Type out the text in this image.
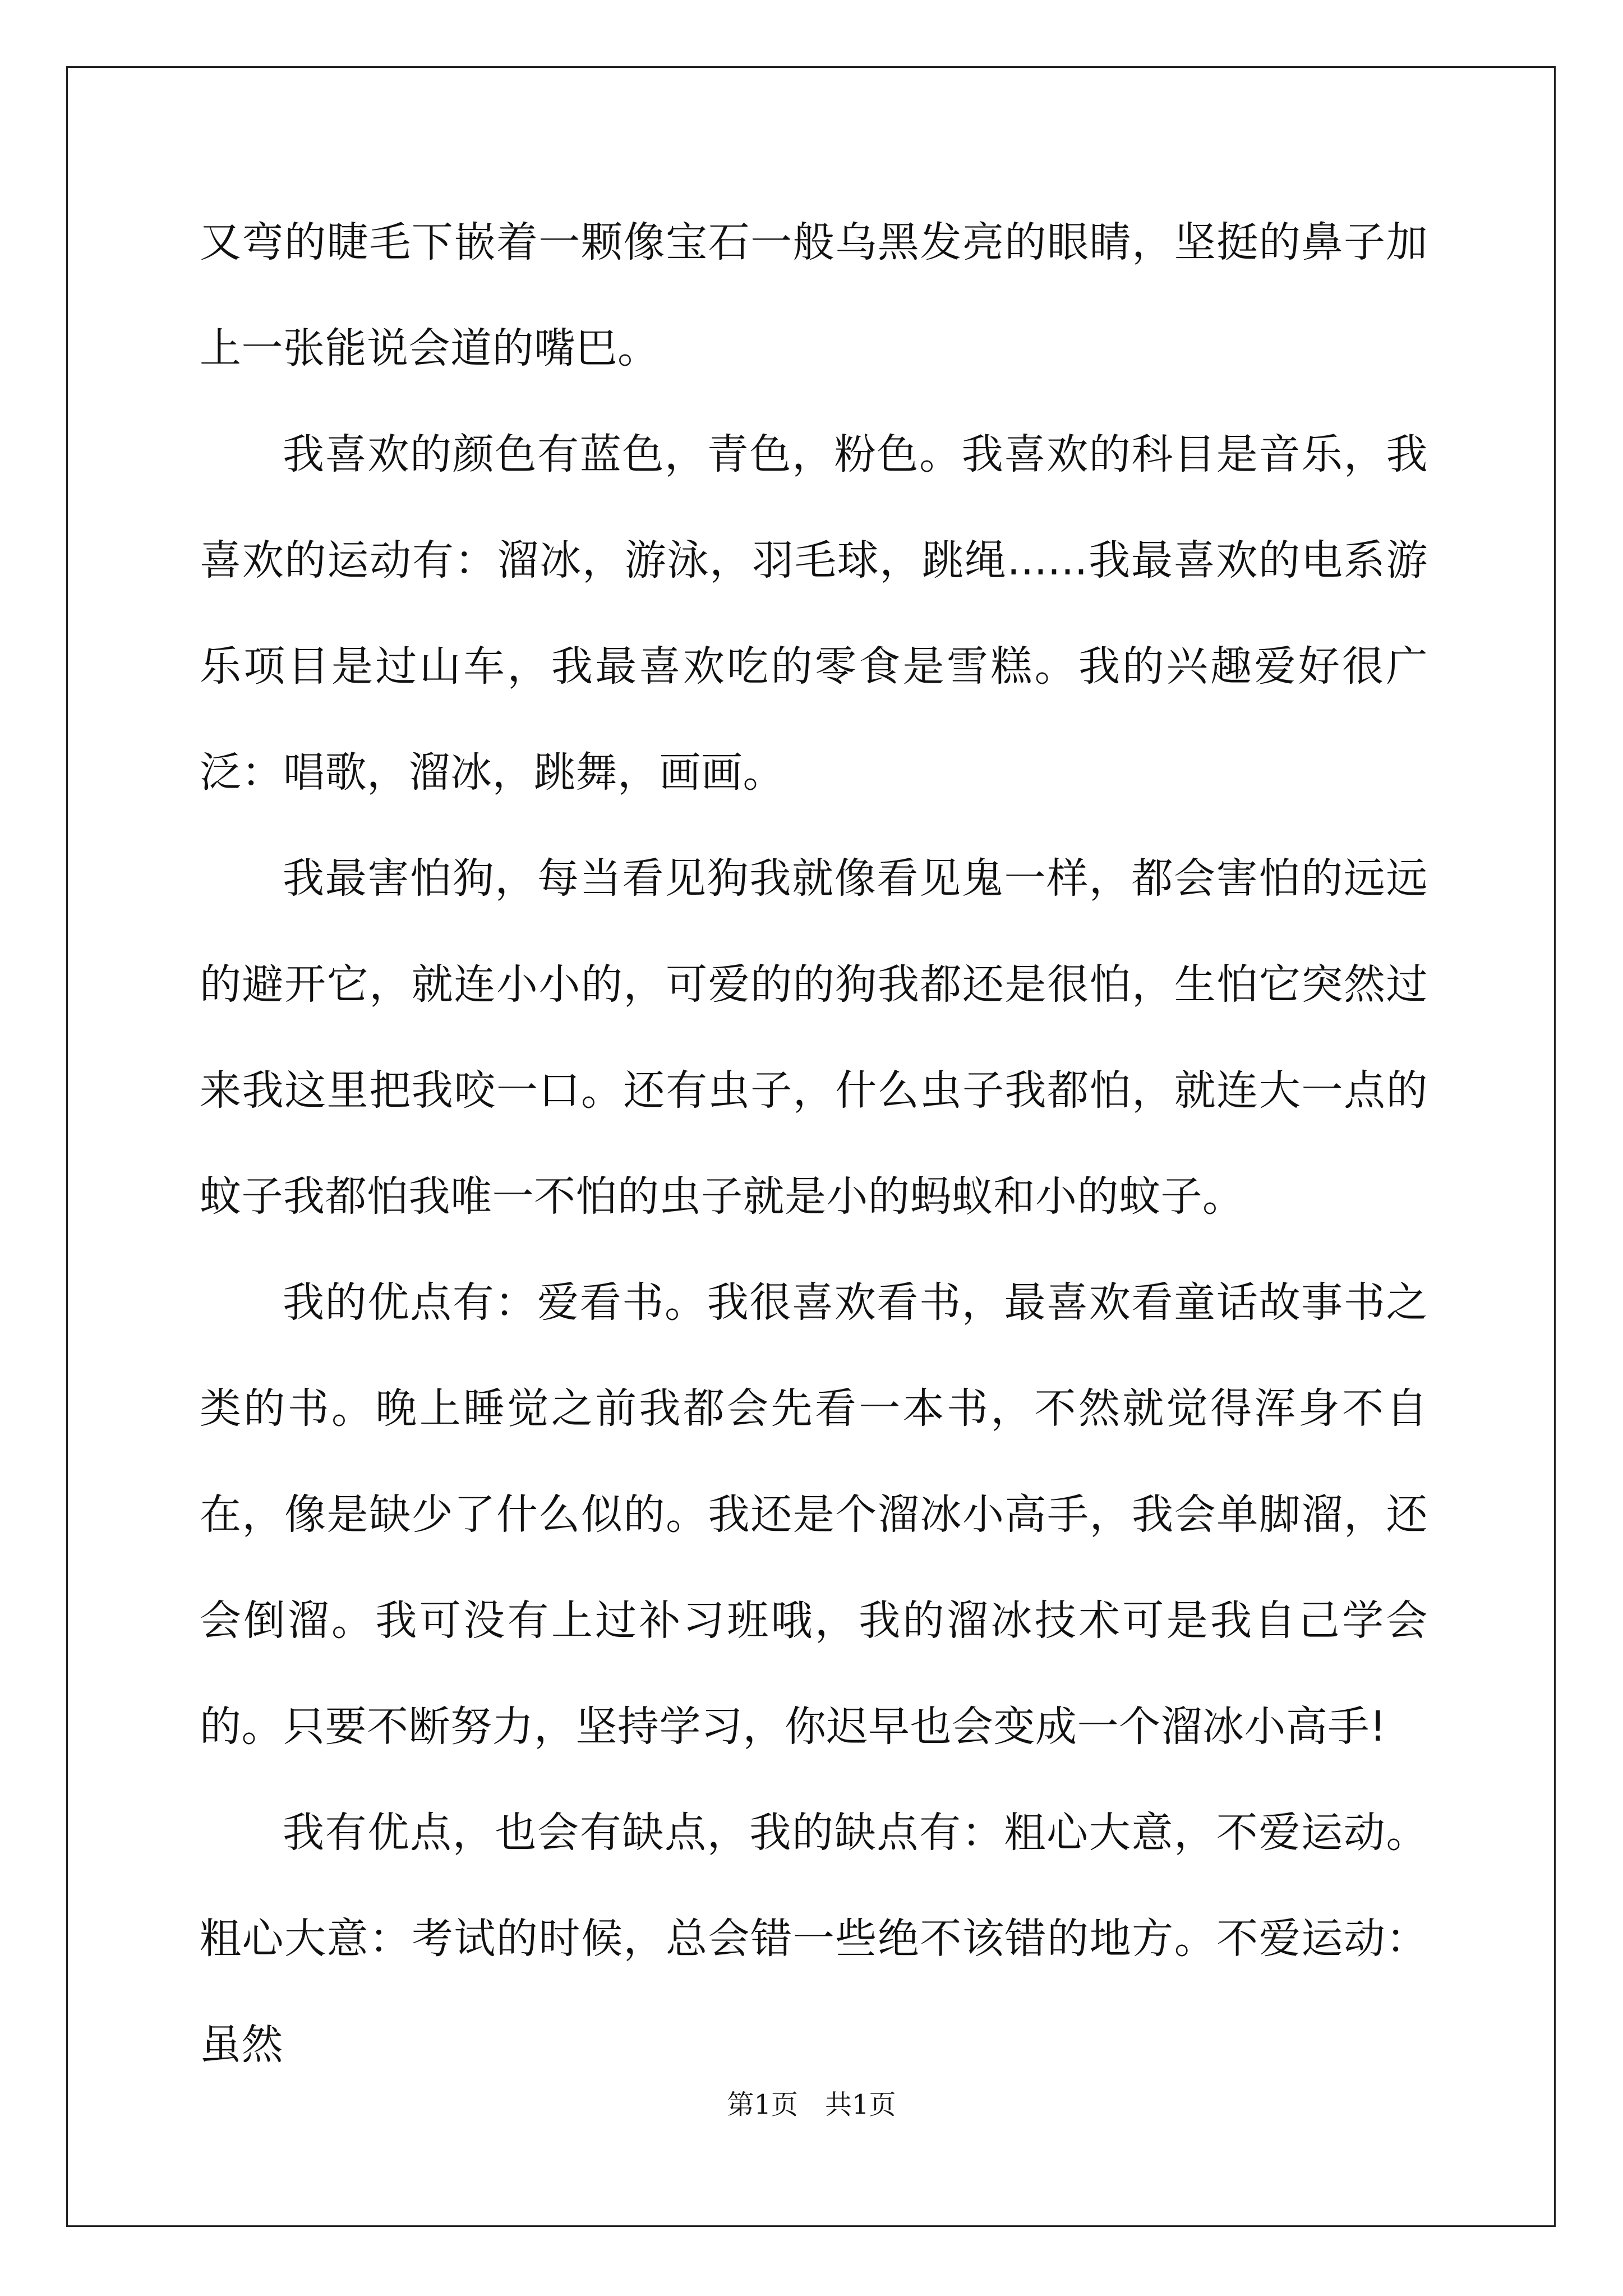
又弯的睫毛下嵌着一颗像宝石一般乌黑发亮的眼睛，坚挺的鼻子加上一张能说会道的嘴巴。

我喜欢的颜色有蓝色，青色，粉色。我喜欢的科目是音乐，我喜欢的运动有：溜冰，游泳，羽毛球，跳绳......我最喜欢的电系游乐项目是过山车，我最喜欢吃的零食是雪糕。我的兴趣爱好很广泛：唱歌，溜冰，跳舞，画画。

我最害怕狗，每当看见狗我就像看见鬼一样，都会害怕的远远的避开它，就连小小的，可爱的的狗我都还是很怕，生怕它突然过来我这里把我咬一口。还有虫子，什么虫子我都怕，就连大一点的蚊子我都怕我唯一不怕的虫子就是小的蚂蚁和小的蚊子。

我的优点有：爱看书。我很喜欢看书，最喜欢看童话故事书之类的书。晚上睡觉之前我都会先看一本书，不然就觉得浑身不自在，像是缺少了什么似的。我还是个溜冰小高手，我会单脚溜，还会倒溜。我可没有上过补习班哦，我的溜冰技术可是我自己学会的。只要不断努力，坚持学习，你迟早也会变成一个溜冰小高手!

我有优点，也会有缺点，我的缺点有：粗心大意，不爱运动。粗心大意：考试的时候，总会错一些绝不该错的地方。不爱运动：虽然

第1页 共1页
